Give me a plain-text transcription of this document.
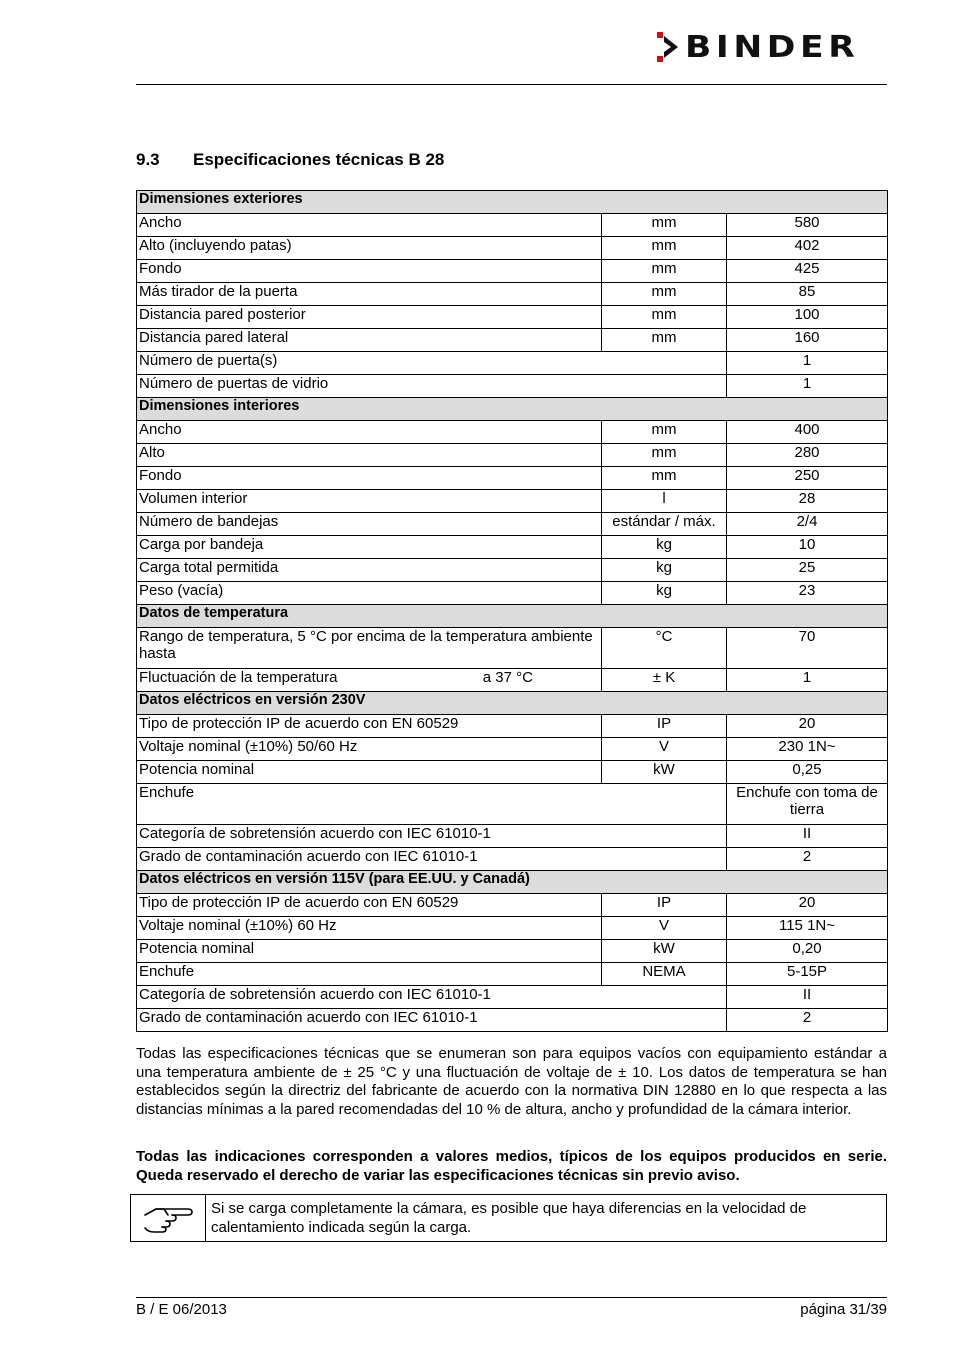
BINDER
9.3 Especificaciones técnicas B 28
Dimensiones exteriores		
Ancho	mm	580
Alto (incluyendo patas)	mm	402
Fondo	mm	425
Más tirador de la puerta	mm	85
Distancia pared posterior	mm	100
Distancia pared lateral	mm	160
Número de puerta(s)		1
Número de puertas de vidrio		1
Dimensiones interiores		
Ancho	mm	400
Alto	mm	280
Fondo	mm	250
Volumen interior	l	28
Número de bandejas	estándar / máx.	2/4
Carga por bandeja	kg	10
Carga total permitida	kg	25
Peso (vacía)	kg	23
Datos de temperatura		
Rango de temperatura, 5 °C por encima de la temperatura ambiente hasta	°C	70
Fluctuación de la temperatura a 37 °C	± K	1
Datos eléctricos en versión 230V		
Tipo de protección IP de acuerdo con EN 60529	IP	20
Voltaje nominal (±10%) 50/60 Hz	V	230 1N~
Potencia nominal	kW	0,25
Enchufe		Enchufe con toma de tierra
Categoría de sobretensión acuerdo con IEC 61010-1		II
Grado de contaminación acuerdo con IEC 61010-1		2
Datos eléctricos en versión 115V (para EE.UU. y Canadá)		
Tipo de protección IP de acuerdo con EN 60529	IP	20
Voltaje nominal (±10%) 60 Hz	V	115 1N~
Potencia nominal	kW	0,20
Enchufe	NEMA	5-15P
Categoría de sobretensión acuerdo con IEC 61010-1		II
Grado de contaminación acuerdo con IEC 61010-1		2
Todas las especificaciones técnicas que se enumeran son para equipos vacíos con equipamiento estándar a una temperatura ambiente de ± 25 °C y una fluctuación de voltaje de ± 10. Los datos de temperatura se han establecidos según la directriz del fabricante de acuerdo con la normativa DIN 12880 en lo que respecta a las distancias mínimas a la pared recomendadas del 10 % de altura, ancho y profundidad de la cámara interior.
Todas las indicaciones corresponden a valores medios, típicos de los equipos producidos en serie. Queda reservado el derecho de variar las especificaciones técnicas sin previo aviso.
Si se carga completamente la cámara, es posible que haya diferencias en la velocidad de calentamiento indicada según la carga.
B / E 06/2013	página 31/39
